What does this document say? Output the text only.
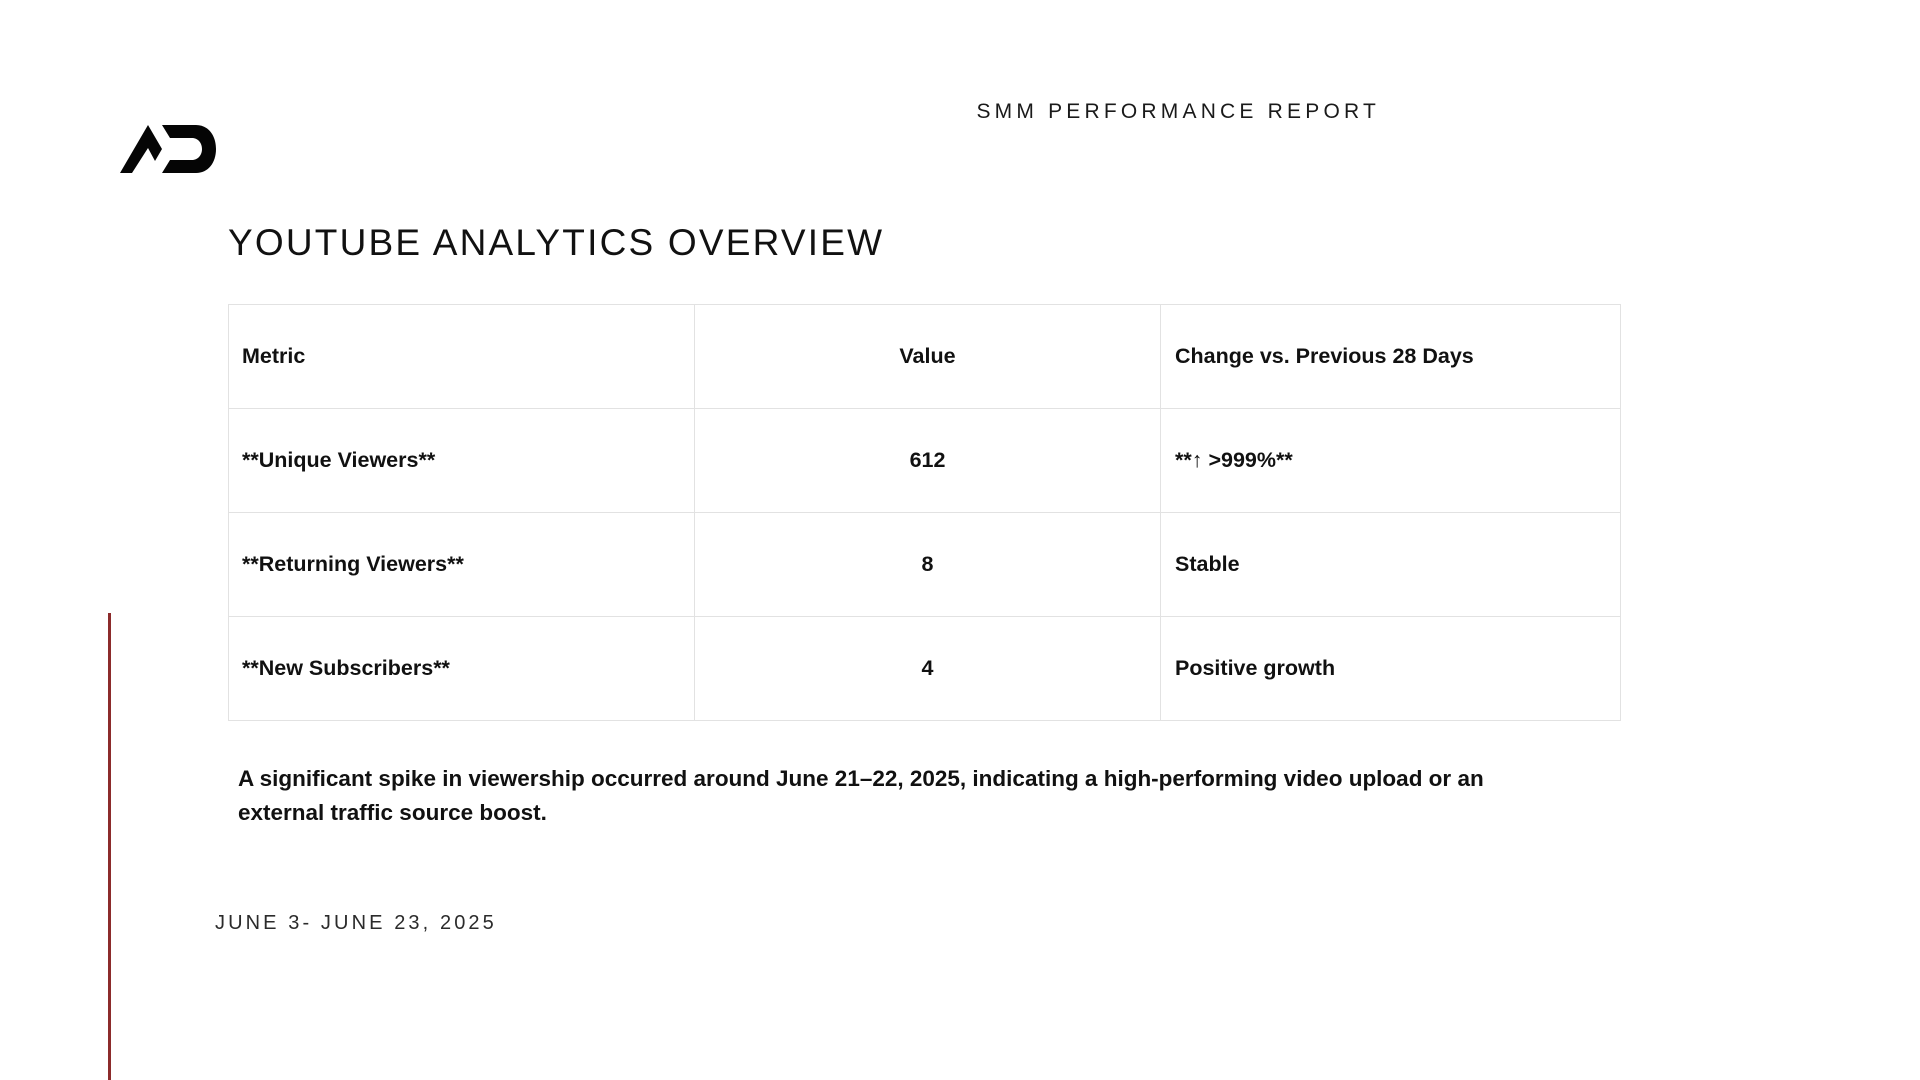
SMM PERFORMANCE REPORT
YOUTUBE ANALYTICS OVERVIEW
Metric	Value	Change vs. Previous 28 Days
**Unique Viewers**	612	**↑ >999%**
**Returning Viewers**	8	Stable
**New Subscribers**	4	Positive growth
A significant spike in viewership occurred around June 21–22, 2025, indicating a high-performing video upload or an external traffic source boost.
JUNE 3- JUNE 23, 2025
